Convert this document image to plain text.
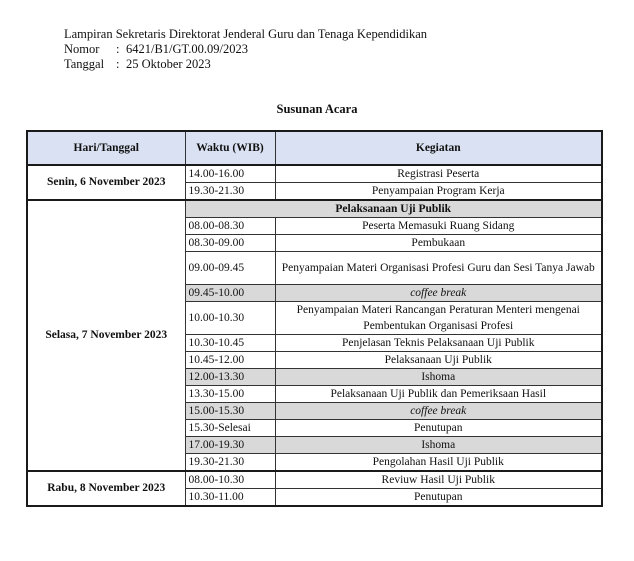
Lampiran Sekretaris Direktorat Jenderal Guru dan Tenaga Kependidikan
Nomor	: 6421/B1/GT.00.09/2023
Tanggal : 25 Oktober 2023
Susunan Acara
Hari/Tanggal	Waktu (WIB)	Kegiatan
Senin, 6 November 2023	14.00-16.00	Registrasi Peserta
	19.30-21.30	Penyampaian Program Kerja
Selasa, 7 November 2023	Pelaksanaan Uji Publik	
	08.00-08.30	Peserta Memasuki Ruang Sidang
	08.30-09.00	Pembukaan
	09.00-09.45	Penyampaian Materi Organisasi Profesi Guru dan Sesi Tanya Jawab
	09.45-10.00	coffee break
	10.00-10.30	Penyampaian Materi Rancangan Peraturan Menteri mengenai Pembentukan Organisasi Profesi
	10.30-10.45	Penjelasan Teknis Pelaksanaan Uji Publik
	10.45-12.00	Pelaksanaan Uji Publik
	12.00-13.30	Ishoma
	13.30-15.00	Pelaksanaan Uji Publik dan Pemeriksaan Hasil
	15.00-15.30	coffee break
	15.30-Selesai	Penutupan
	17.00-19.30	Ishoma
	19.30-21.30	Pengolahan Hasil Uji Publik
Rabu, 8 November 2023	08.00-10.30	Reviuw Hasil Uji Publik
	10.30-11.00	Penutupan
